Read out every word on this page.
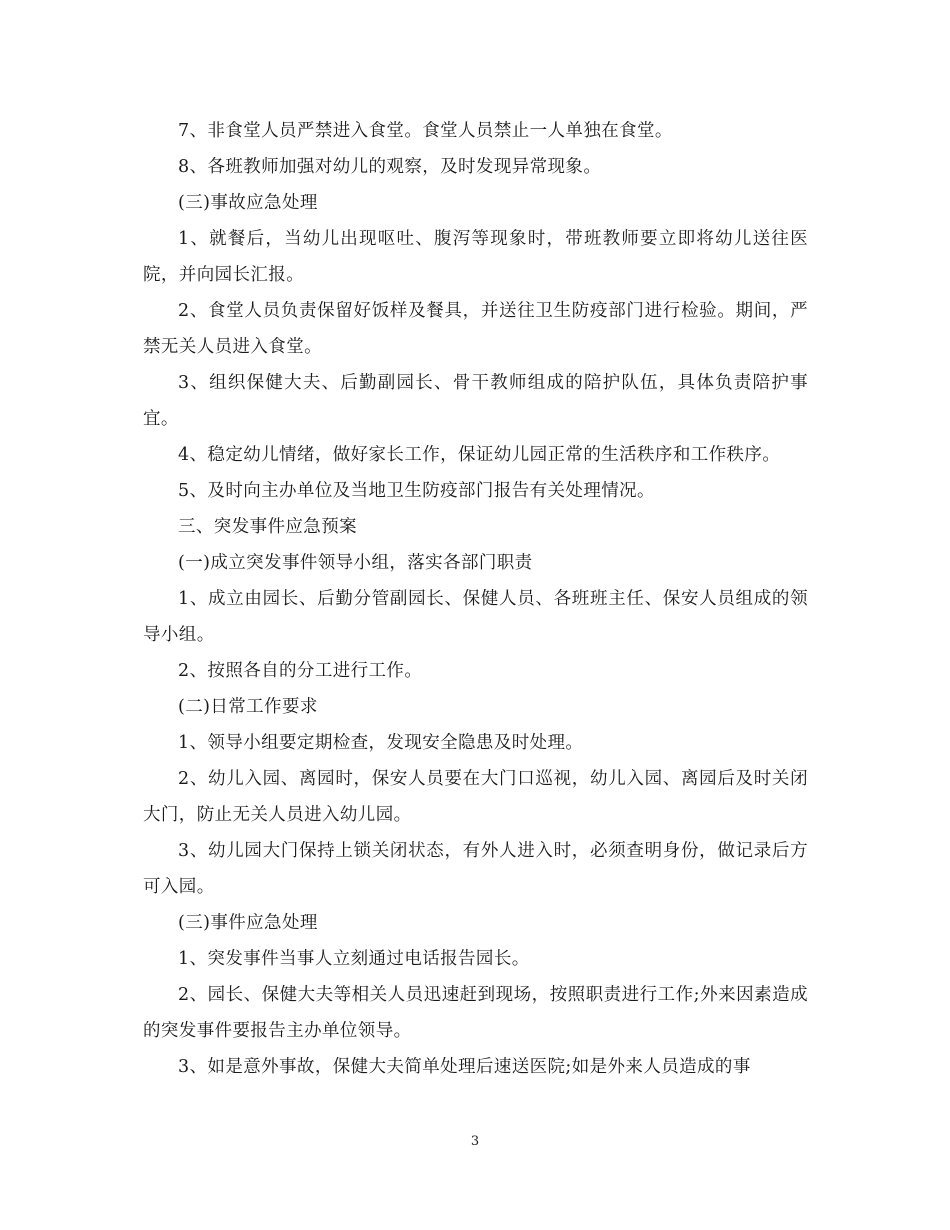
7、非食堂人员严禁进入食堂。食堂人员禁止一人单独在食堂。

8、各班教师加强对幼儿的观察，及时发现异常现象。

(三)事故应急处理

1、就餐后，当幼儿出现呕吐、腹泻等现象时，带班教师要立即将幼儿送往医院，并向园长汇报。

2、食堂人员负责保留好饭样及餐具，并送往卫生防疫部门进行检验。期间，严禁无关人员进入食堂。

3、组织保健大夫、后勤副园长、骨干教师组成的陪护队伍，具体负责陪护事宜。

4、稳定幼儿情绪，做好家长工作，保证幼儿园正常的生活秩序和工作秩序。

5、及时向主办单位及当地卫生防疫部门报告有关处理情况。

三、突发事件应急预案

(一)成立突发事件领导小组，落实各部门职责

1、成立由园长、后勤分管副园长、保健人员、各班班主任、保安人员组成的领导小组。

2、按照各自的分工进行工作。

(二)日常工作要求

1、领导小组要定期检查，发现安全隐患及时处理。

2、幼儿入园、离园时，保安人员要在大门口巡视，幼儿入园、离园后及时关闭大门，防止无关人员进入幼儿园。

3、幼儿园大门保持上锁关闭状态，有外人进入时，必须查明身份，做记录后方可入园。

(三)事件应急处理

1、突发事件当事人立刻通过电话报告园长。

2、园长、保健大夫等相关人员迅速赶到现场，按照职责进行工作;外来因素造成的突发事件要报告主办单位领导。

3、如是意外事故，保健大夫简单处理后速送医院;如是外来人员造成的事

3
